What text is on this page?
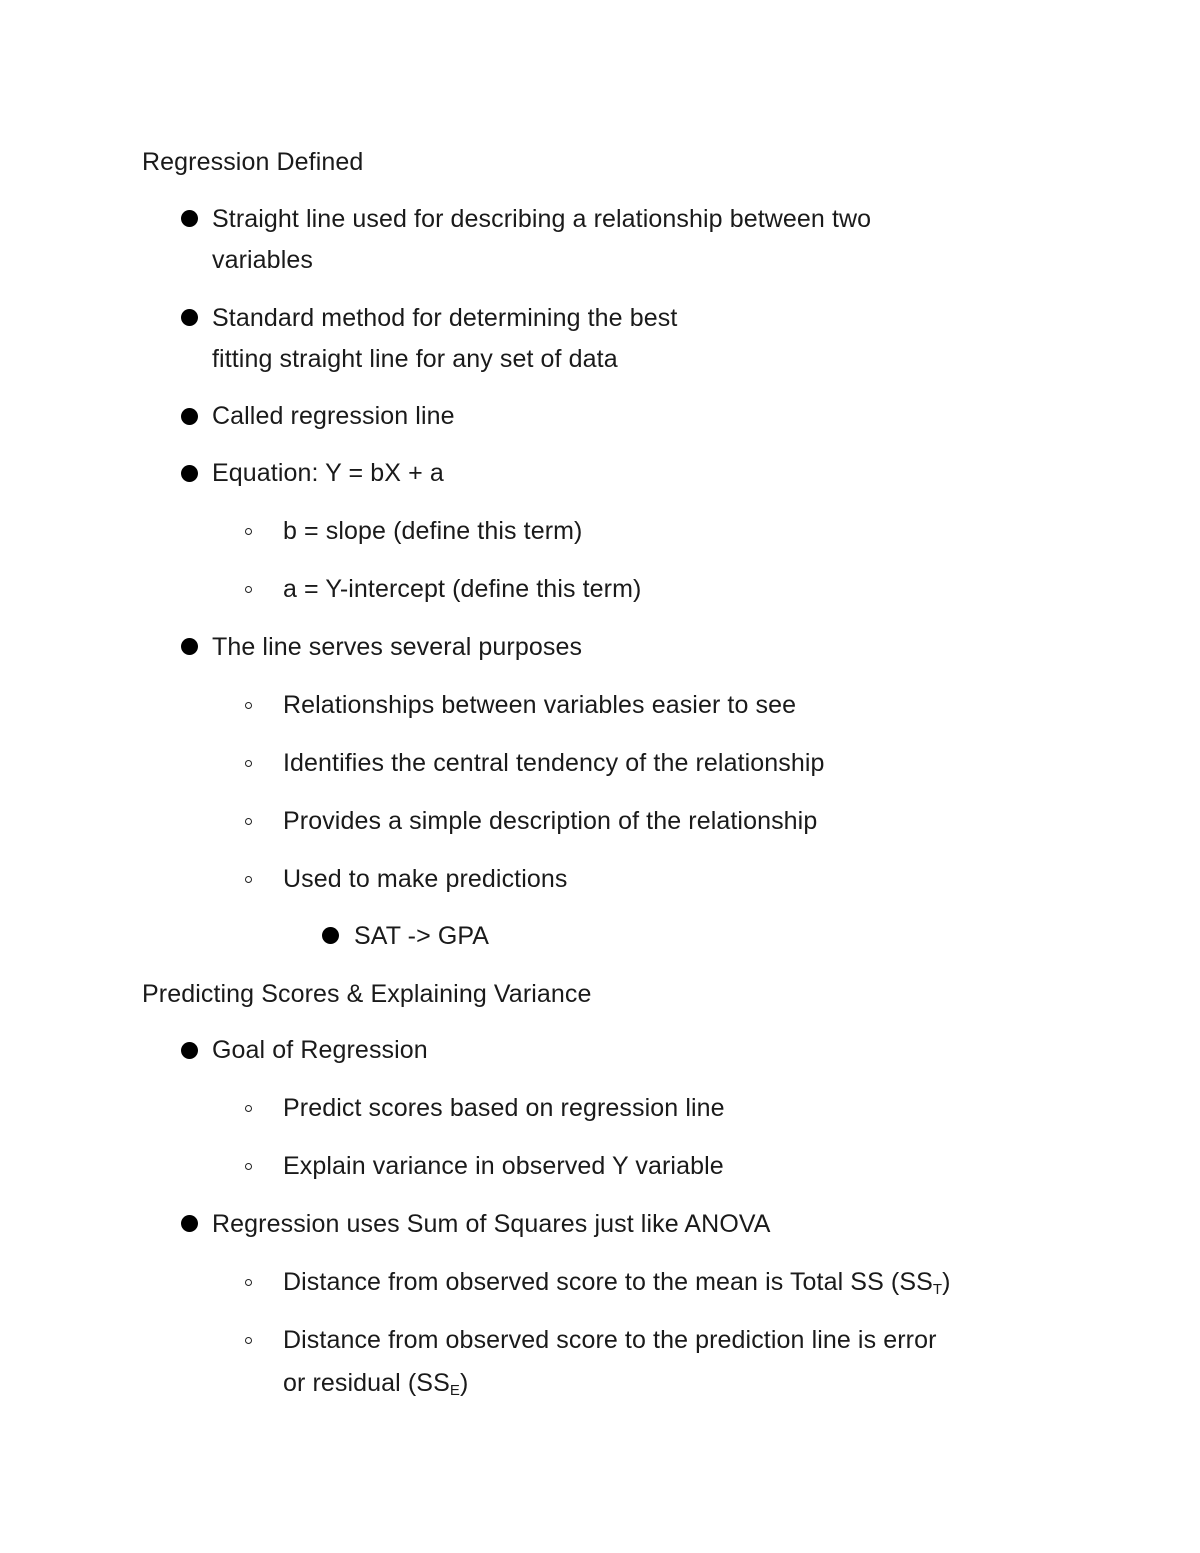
Regression Defined
Straight line used for describing a relationship between two
variables
Standard method for determining the best
fitting straight line for any set of data
Called regression line
Equation: Y = bX + a
b = slope (define this term)
a = Y-intercept (define this term)
The line serves several purposes
Relationships between variables easier to see
Identifies the central tendency of the relationship
Provides a simple description of the relationship
Used to make predictions
SAT -> GPA
Predicting Scores & Explaining Variance
Goal of Regression
Predict scores based on regression line
Explain variance in observed Y variable
Regression uses Sum of Squares just like ANOVA
Distance from observed score to the mean is Total SS $(SS_T)$
Distance from observed score to the prediction line is error
or residual $(SS_E)$
